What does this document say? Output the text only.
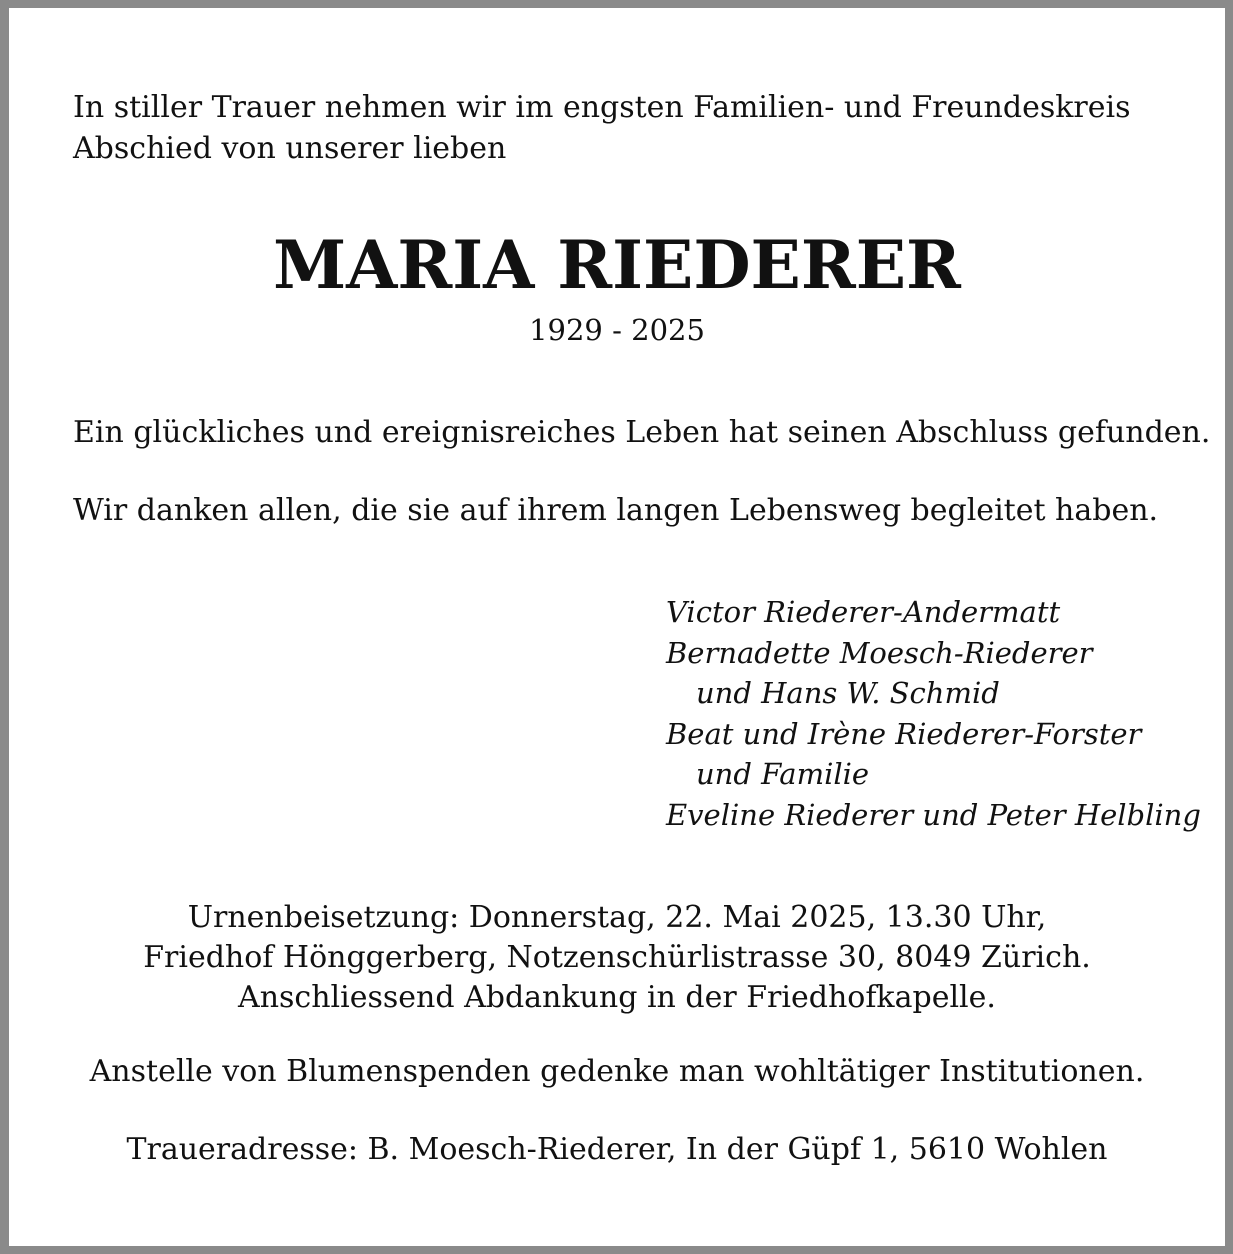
In stiller Trauer nehmen wir im engsten Familien- und Freundeskreis
Abschied von unserer lieben

MARIA RIEDERER

1929 - 2025

Ein glückliches und ereignisreiches Leben hat seinen Abschluss gefunden.

Wir danken allen, die sie auf ihrem langen Lebensweg begleitet haben.

Victor Riederer-Andermatt
Bernadette Moesch-Riederer
und Hans W. Schmid
Beat und Irène Riederer-Forster
und Familie
Eveline Riederer und Peter Helbling

Urnenbeisetzung: Donnerstag, 22. Mai 2025, 13.30 Uhr,
Friedhof Hönggerberg, Notzenschürlistrasse 30, 8049 Zürich.
Anschliessend Abdankung in der Friedhofkapelle.

Anstelle von Blumenspenden gedenke man wohltätiger Institutionen.

Traueradresse: B. Moesch-Riederer, In der Güpf 1, 5610 Wohlen
